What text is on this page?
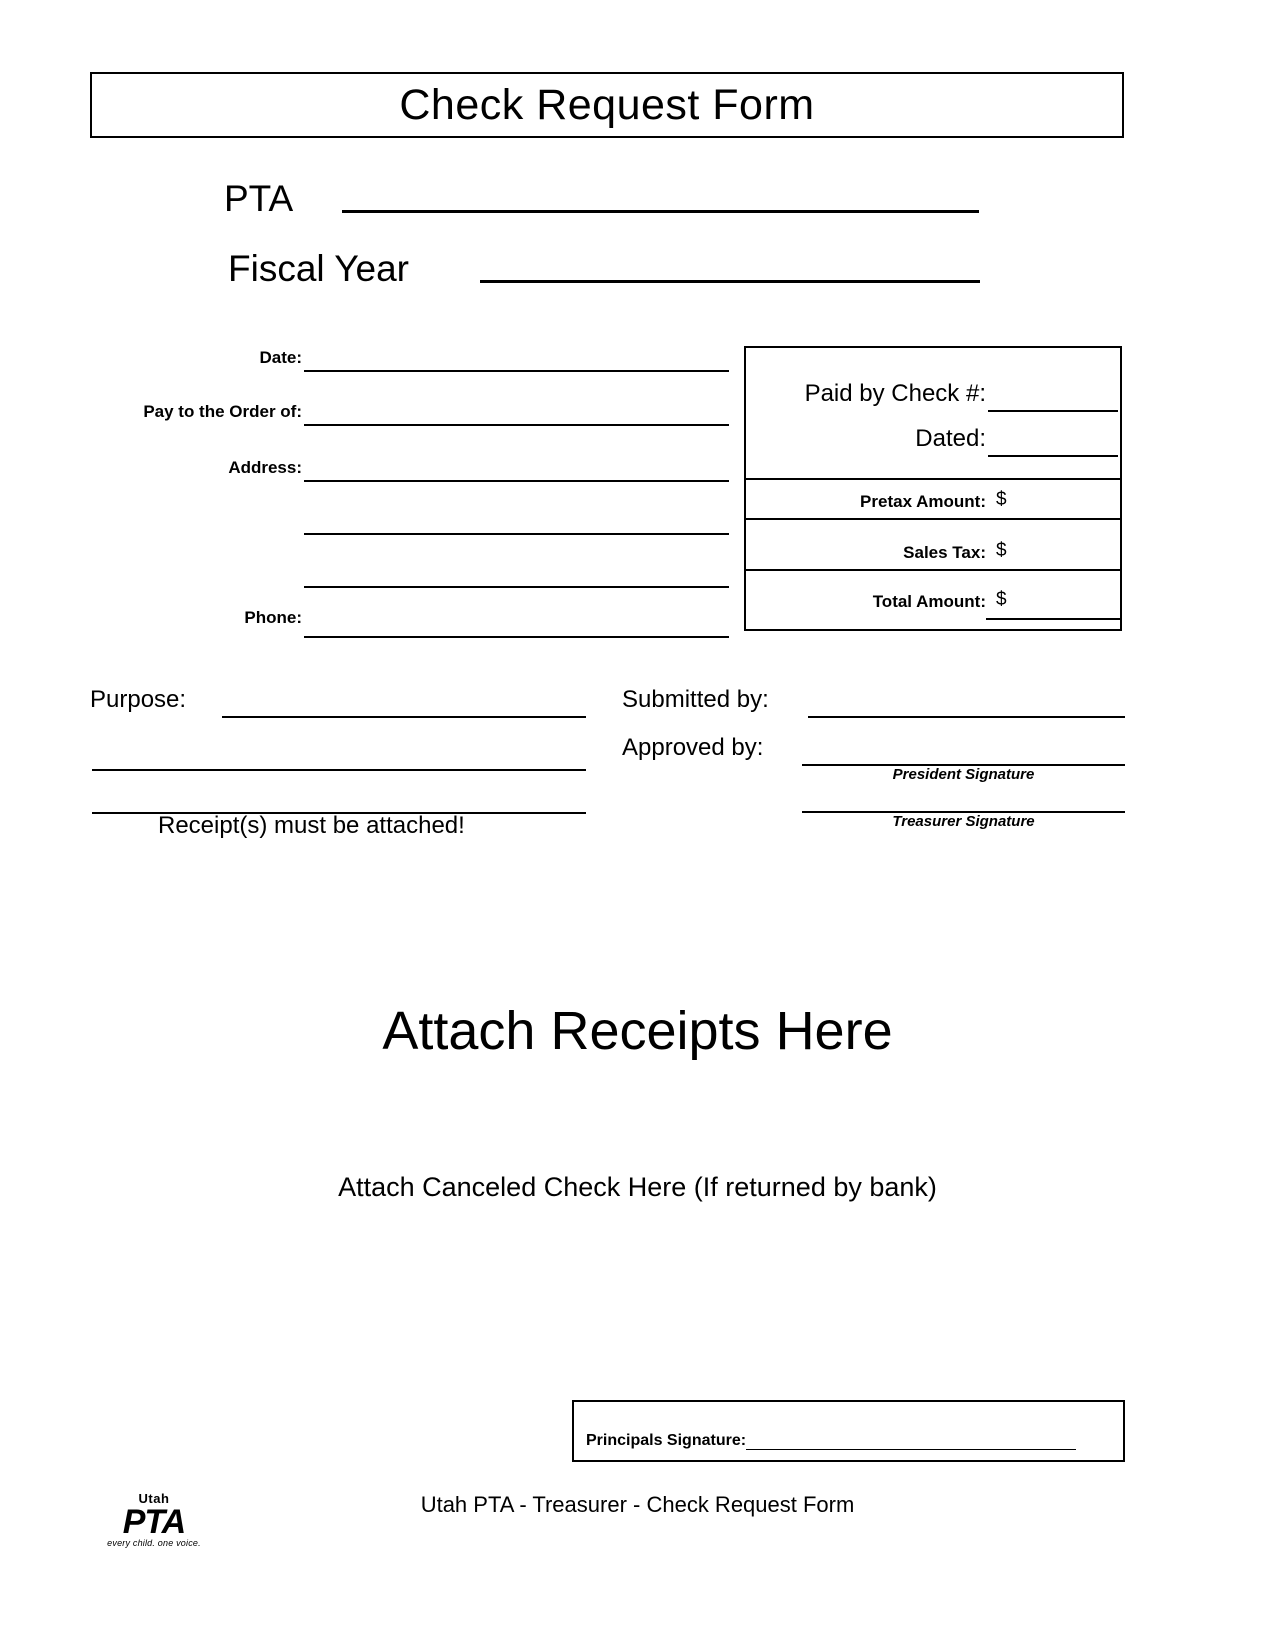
Check Request Form
PTA
Fiscal Year
Date:
Pay to the Order of:
Address:
Phone:
Paid by Check #:
Dated:
Pretax Amount: $
Sales Tax: $
Total Amount: $
Purpose:
Receipt(s) must be attached!
Submitted by:
Approved by:
President Signature
Treasurer Signature
Attach Receipts Here
Attach Canceled Check Here (If returned by bank)
Principals Signature:
Utah PTA - Treasurer - Check Request Form
Utah
PTA
every child. one voice.
